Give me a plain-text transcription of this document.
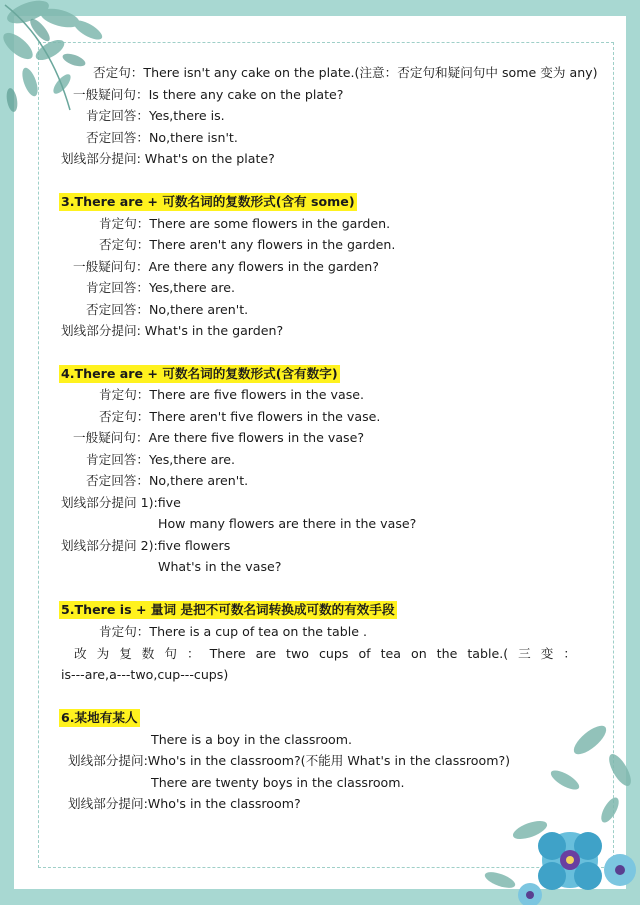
否定句：There isn't any cake on the plate.(注意：否定句和疑问句中 some 变为 any)
一般疑问句：Is there any cake on the plate?
肯定回答：Yes,there is.
否定回答：No,there isn't.
划线部分提问: What's on the plate?
3.There are + 可数名词的复数形式(含有 some)
肯定句：There are some flowers in the garden.
否定句：There aren't any flowers in the garden.
一般疑问句：Are there any flowers in the garden?
肯定回答：Yes,there are.
否定回答：No,there aren't.
划线部分提问: What's in the garden?
4.There are + 可数名词的复数形式(含有数字)
肯定句：There are five flowers in the vase.
否定句：There aren't five flowers in the vase.
一般疑问句：Are there five flowers in the vase?
肯定回答：Yes,there are.
否定回答：No,there aren't.
划线部分提问 1):five
How many flowers are there in the vase?
划线部分提问 2):five flowers
What's in the vase?
5.There is + 量词 是把不可数名词转换成可数的有效手段
肯定句：There is a cup of tea on the table .
改 为 复 数 句 ： There are two cups of tea on the table.( 三 变 ：
is---are,a---two,cup---cups)
6.某地有某人
There is a boy in the classroom.
划线部分提问:Who's in the classroom?(不能用 What's in the classroom?)
There are twenty boys in the classroom.
划线部分提问:Who's in the classroom?
